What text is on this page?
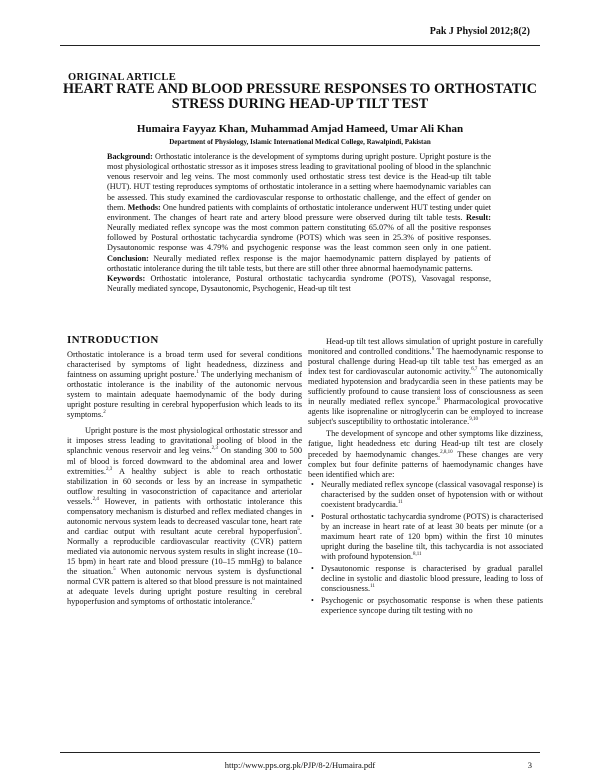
Pak J Physiol 2012;8(2)
ORIGINAL ARTICLE
HEART RATE AND BLOOD PRESSURE RESPONSES TO ORTHOSTATIC STRESS DURING HEAD-UP TILT TEST
Humaira Fayyaz Khan, Muhammad Amjad Hameed, Umar Ali Khan
Department of Physiology, Islamic International Medical College, Rawalpindi, Pakistan
Background: Orthostatic intolerance is the development of symptoms during upright posture. Upright posture is the most physiological orthostatic stressor as it imposes stress leading to gravitational pooling of blood in the splanchnic venous reservoir and leg veins. The most commonly used orthostatic stress test device is the Head-up tilt table (HUT). HUT testing reproduces symptoms of orthostatic intolerance in a setting where haemodynamic variables can be assessed. This study examined the cardiovascular response to orthostatic challenge, and the effect of gender on them. Methods: One hundred patients with complaints of orthostatic intolerance underwent HUT testing under quiet environment. The changes of heart rate and artery blood pressure were observed during tilt table tests. Result: Neurally mediated reflex syncope was the most common pattern constituting 65.07% of all the positive responses followed by Postural orthostatic tachycardia syndrome (POTS) which was seen in 25.3% of positive responses. Dysautonomic response was 4.79% and psychogenic response was the least common seen only in one patient. Conclusion: Neurally mediated reflex response is the major haemodynamic pattern displayed by patients of orthostatic intolerance during the tilt table tests, but there are still other three abnormal haemodynamic patterns.
Keywords: Orthostatic intolerance, Postural orthostatic tachycardia syndrome (POTS), Vasovagal response, Neurally mediated syncope, Dysautonomic, Psychogenic, Head-up tilt test
INTRODUCTION

Orthostatic intolerance is a broad term used for several conditions characterised by symptoms of light headedness, dizziness and faintness on assuming upright posture.$^1$ The underlying mechanism of orthostatic intolerance is the inability of the autonomic nervous system to maintain adequate haemodynamic of the body during upright posture resulting in cerebral hypoperfusion which leads to its symptoms.$^2$

Upright posture is the most physiological orthostatic stressor and it imposes stress leading to gravitational pooling of blood in the splanchnic venous reservoir and leg veins.$^{2,3}$ On standing 300 to 500 ml of blood is forced downward to the abdominal area and lower extremities.$^{2,3}$ A healthy subject is able to reach orthostatic stabilization in 60 seconds or less by an increase in sympathetic outflow resulting in vasoconstriction of capacitance and arteriolar vessels.$^{2,4}$ However, in patients with orthostatic intolerance this compensatory mechanism is disturbed and reflex mediated changes in autonomic nervous system leads to decreased vascular tone, heart rate and cardiac output with resultant acute cerebral hypoperfusion$^5$. Normally a reproducible cardiovascular reactivity (CVR) pattern mediated via autonomic nervous system results in slight increase (10–15 bpm) in heart rate and blood pressure (10–15 mmHg) to balance the situation.$^5$ When autonomic nervous system is dysfunctional normal CVR pattern is altered so that blood pressure is not maintained at adequate levels during upright posture resulting in cerebral hypoperfusion and symptoms of orthostatic intolerance.$^6$

Head-up tilt test allows simulation of upright posture in carefully monitored and controlled conditions.$^6$ The haemodynamic response to postural challenge during Head-up tilt table test has emerged as an index test for cardiovascular autonomic activity.$^{6,7}$ The autonomically mediated hypotension and bradycardia seen in these patients may be sufficiently profound to cause transient loss of consciousness as seen in neurally mediated reflex syncope.$^8$ Pharmacological provocative agents like isoprenaline or nitroglycerin can be employed to increase subject's susceptibility to orthostatic intolerance.$^{9,10}$

The development of syncope and other symptoms like dizziness, fatigue, light headedness etc during Head-up tilt test are closely preceded by haemodynamic changes.$^{2,8,10}$ These changes are very complex but four definite patterns of haemodynamic changes have been identified which are:

• Neurally mediated reflex syncope (classical vasovagal response) is characterised by the sudden onset of hypotension with or without coexistent bradycardia.$^{11}$
• Postural orthostatic tachycardia syndrome (POTS) is characterised by an increase in heart rate of at least 30 beats per minute (or a maximum heart rate of 120 bpm) within the first 10 minutes upright during the baseline tilt, this tachycardia is not associated with profound hypotension.$^{8,11}$
• Dysautonomic response is characterised by gradual parallel decline in systolic and diastolic blood pressure, leading to loss of consciousness.$^{11}$
• Psychogenic or psychosomatic response is when these patients experience syncope during tilt testing with no
http://www.pps.org.pk/PJP/8-2/Humaira.pdf	3
